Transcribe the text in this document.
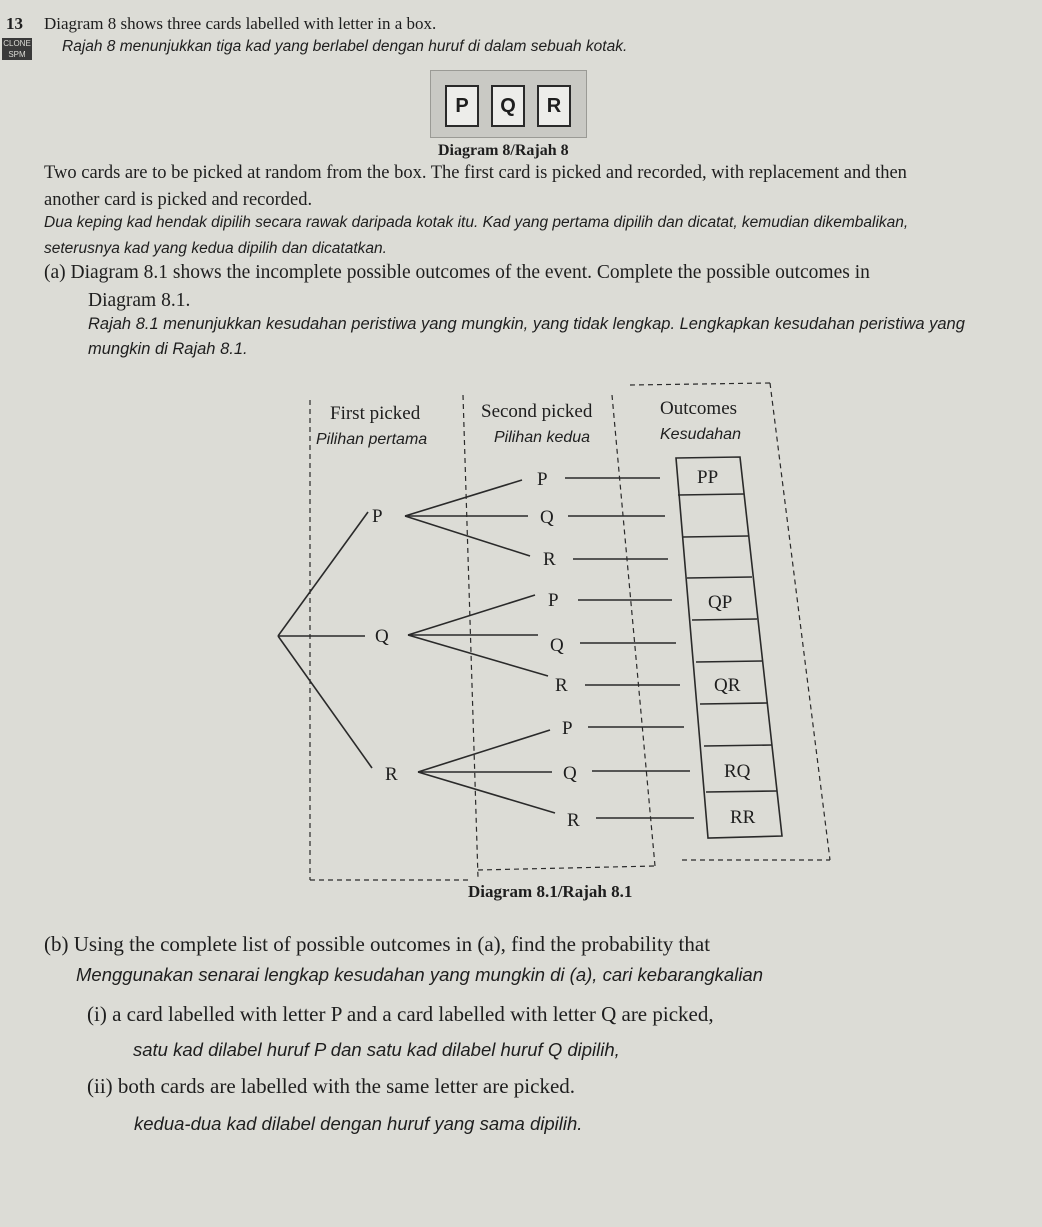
13 Diagram 8 shows three cards labelled with letter in a box.
Rajah 8 menunjukkan tiga kad yang berlabel dengan huruf di dalam sebuah kotak.
CLONE
SPM
P	Q	R
Diagram 8/Rajah 8
Two cards are to be picked at random from the box. The first card is picked and recorded, with replacement and then
another card is picked and recorded.
Dua keping kad hendak dipilih secara rawak daripada kotak itu. Kad yang pertama dipilih dan dicatat, kemudian dikembalikan,
seterusnya kad yang kedua dipilih dan dicatatkan.
(a) Diagram 8.1 shows the incomplete possible outcomes of the event. Complete the possible outcomes in
Diagram 8.1.
Rajah 8.1 menunjukkan kesudahan peristiwa yang mungkin, yang tidak lengkap. Lengkapkan kesudahan peristiwa yang
mungkin di Rajah 8.1.
First picked
Pilihan pertama
Second picked
Pilihan kedua
Outcomes
Kesudahan
P
Q
R
P
Q
R
P
Q
R
P
Q
R
PP
QP
QR
RQ
RR
Diagram 8.1/Rajah 8.1
(b) Using the complete list of possible outcomes in (a), find the probability that
Menggunakan senarai lengkap kesudahan yang mungkin di (a), cari kebarangkalian
(i) a card labelled with letter P and a card labelled with letter Q are picked,
satu kad dilabel huruf P dan satu kad dilabel huruf Q dipilih,
(ii) both cards are labelled with the same letter are picked.
kedua-dua kad dilabel dengan huruf yang sama dipilih.
